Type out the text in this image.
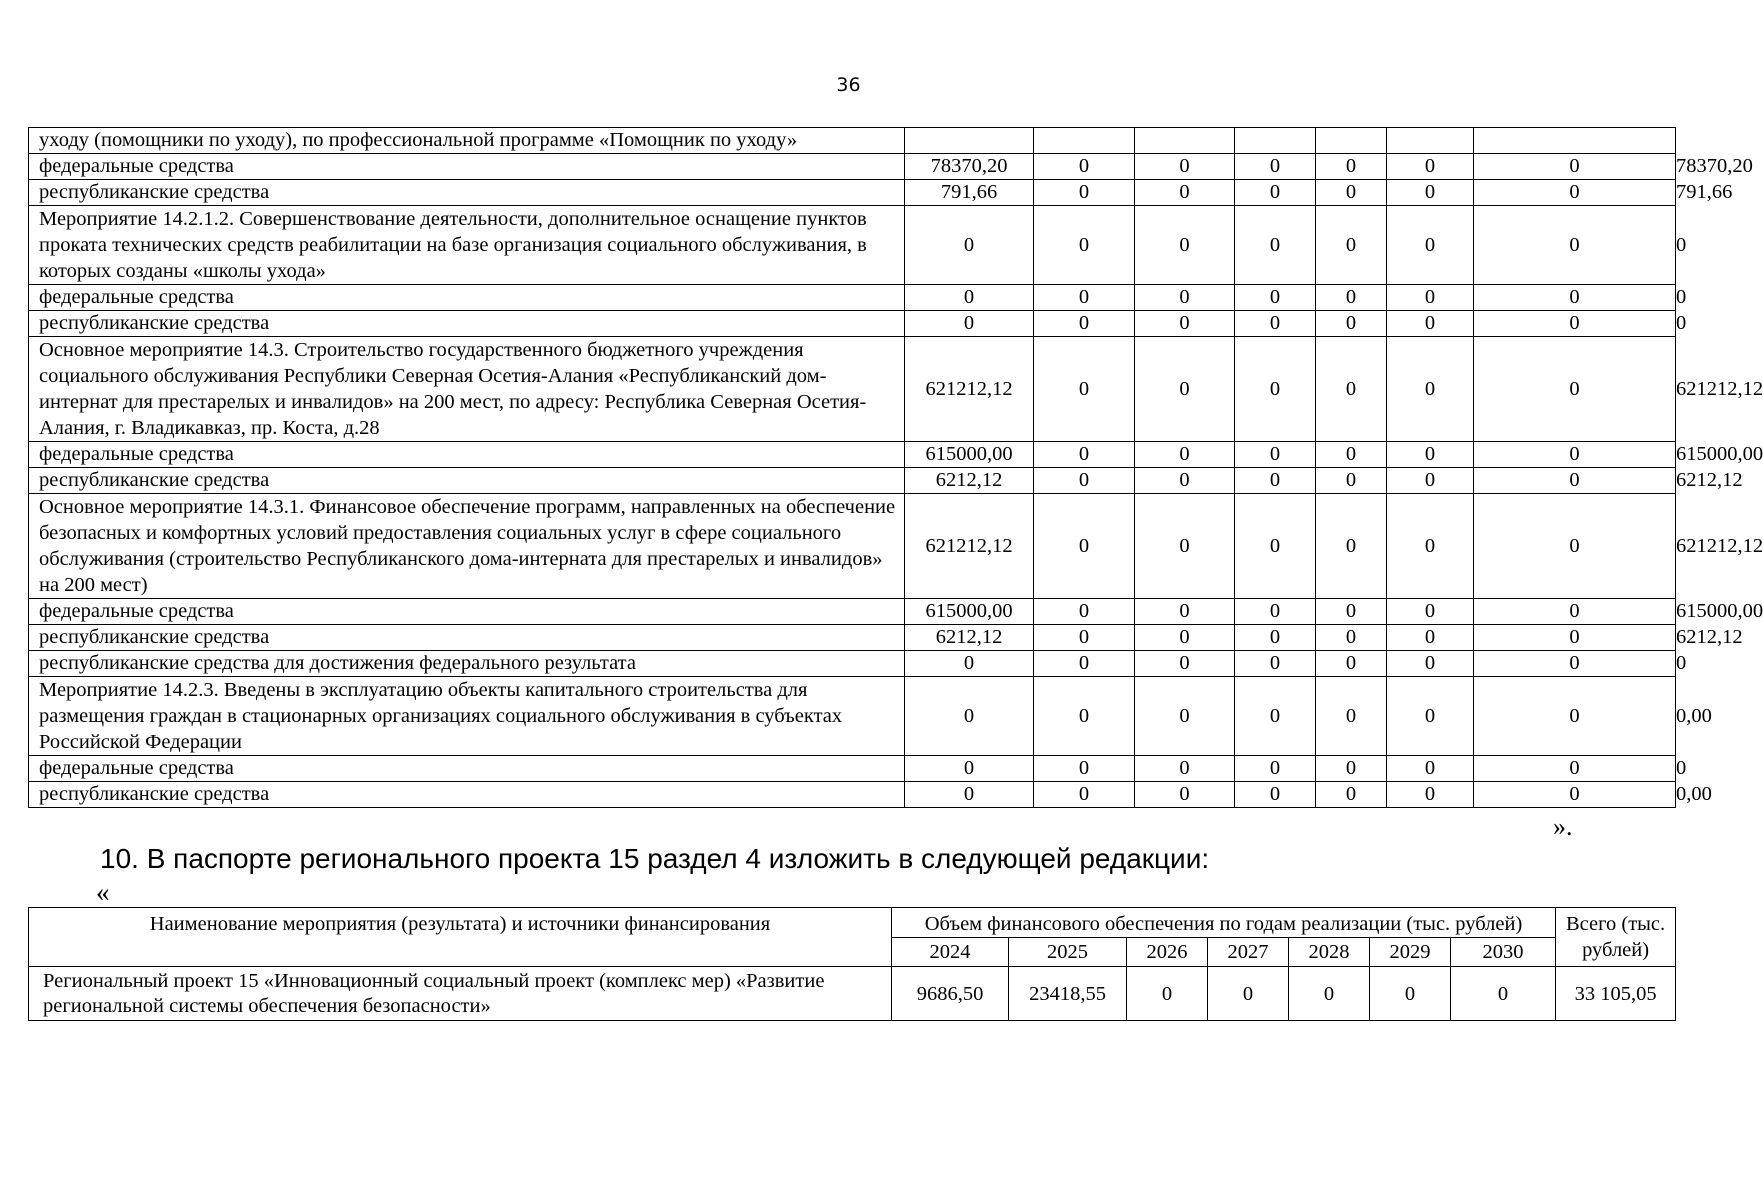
36
уходу (помощники по уходу), по профессиональной программе «Помощник по уходу»								
федеральные средства	78370,20	0	0	0	0	0	0	78370,20
республиканские средства	791,66	0	0	0	0	0	0	791,66
Мероприятие 14.2.1.2. Совершенствование деятельности, дополнительное оснащение пунктов проката технических средств реабилитации на базе организация социального обслуживания, в которых созданы «школы ухода»	0	0	0	0	0	0	0	0
федеральные средства	0	0	0	0	0	0	0	0
республиканские средства	0	0	0	0	0	0	0	0
Основное мероприятие 14.3. Строительство государственного бюджетного учреждения социального обслуживания Республики Северная Осетия-Алания «Республиканский дом-интернат для престарелых и инвалидов» на 200 мест, по адресу: Республика Северная Осетия-Алания, г. Владикавказ, пр. Коста, д.28	621212,12	0	0	0	0	0	0	621212,12
федеральные средства	615000,00	0	0	0	0	0	0	615000,00
республиканские средства	6212,12	0	0	0	0	0	0	6212,12
Основное мероприятие 14.3.1. Финансовое обеспечение программ, направленных на обеспечение безопасных и комфортных условий предоставления социальных услуг в сфере социального обслуживания (строительство Республиканского дома-интерната для престарелых и инвалидов» на 200 мест)	621212,12	0	0	0	0	0	0	621212,12
федеральные средства	615000,00	0	0	0	0	0	0	615000,00
республиканские средства	6212,12	0	0	0	0	0	0	6212,12
республиканские средства для достижения федерального результата	0	0	0	0	0	0	0	0
Мероприятие 14.2.3. Введены в эксплуатацию объекты капитального строительства для размещения граждан в стационарных организациях социального обслуживания в субъектах Российской Федерации	0	0	0	0	0	0	0	0,00
федеральные средства	0	0	0	0	0	0	0	0
республиканские средства	0	0	0	0	0	0	0	0,00
».
10. В паспорте регионального проекта 15 раздел 4 изложить в следующей редакции:
«
Наименование мероприятия (результата) и источники финансирования	Объем финансового обеспечения по годам реализации (тыс. рублей)							Всего (тыс. рублей)
	2024	2025	2026	2027	2028	2029	2030	
Региональный проект 15 «Инновационный социальный проект (комплекс мер) «Развитие региональной системы обеспечения безопасности»	9686,50	23418,55	0	0	0	0	0	33 105,05
